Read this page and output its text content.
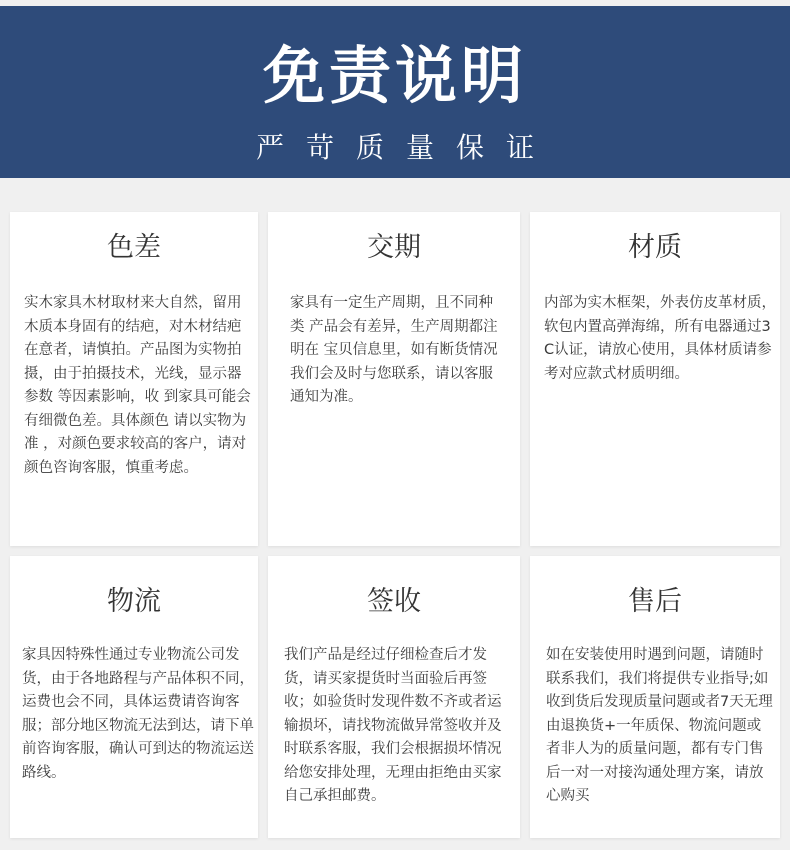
免责说明
严苛质量保证
色差
实木家具木材取材来大自然，留用木质本身固有的结疤，对木材结疤在意者，请慎拍。产品图为实物拍摄，由于拍摄技术，光线，显示器参数 等因素影响，收 到家具可能会有细微色差。具体颜色 请以实物为准 ，对颜色要求较高的客户，请对颜色咨询客服，慎重考虑。
交期
家具有一定生产周期，且不同种类 产品会有差异，生产周期都注明在 宝贝信息里，如有断货情况我们会及时与您联系，请以客服通知为准。
材质
内部为实木框架，外表仿皮革材质，软包内置高弹海绵，所有电器通过3C认证，请放心使用，具体材质请参考对应款式材质明细。
物流
家具因特殊性通过专业物流公司发货，由于各地路程与产品体积不同，运费也会不同，具体运费请咨询客服；部分地区物流无法到达，请下单前咨询客服，确认可到达的物流运送路线。
签收
我们产品是经过仔细检查后才发货，请买家提货时当面验后再签收；如验货时发现件数不齐或者运输损坏，请找物流做异常签收并及时联系客服，我们会根据损坏情况给您安排处理，无理由拒绝由买家自己承担邮费。
售后
如在安装使用时遇到问题，请随时联系我们，我们将提供专业指导;如收到货后发现质量问题或者7天无理由退换货+一年质保、物流问题或者非人为的质量问题，都有专门售后一对一对接沟通处理方案，请放心购买
